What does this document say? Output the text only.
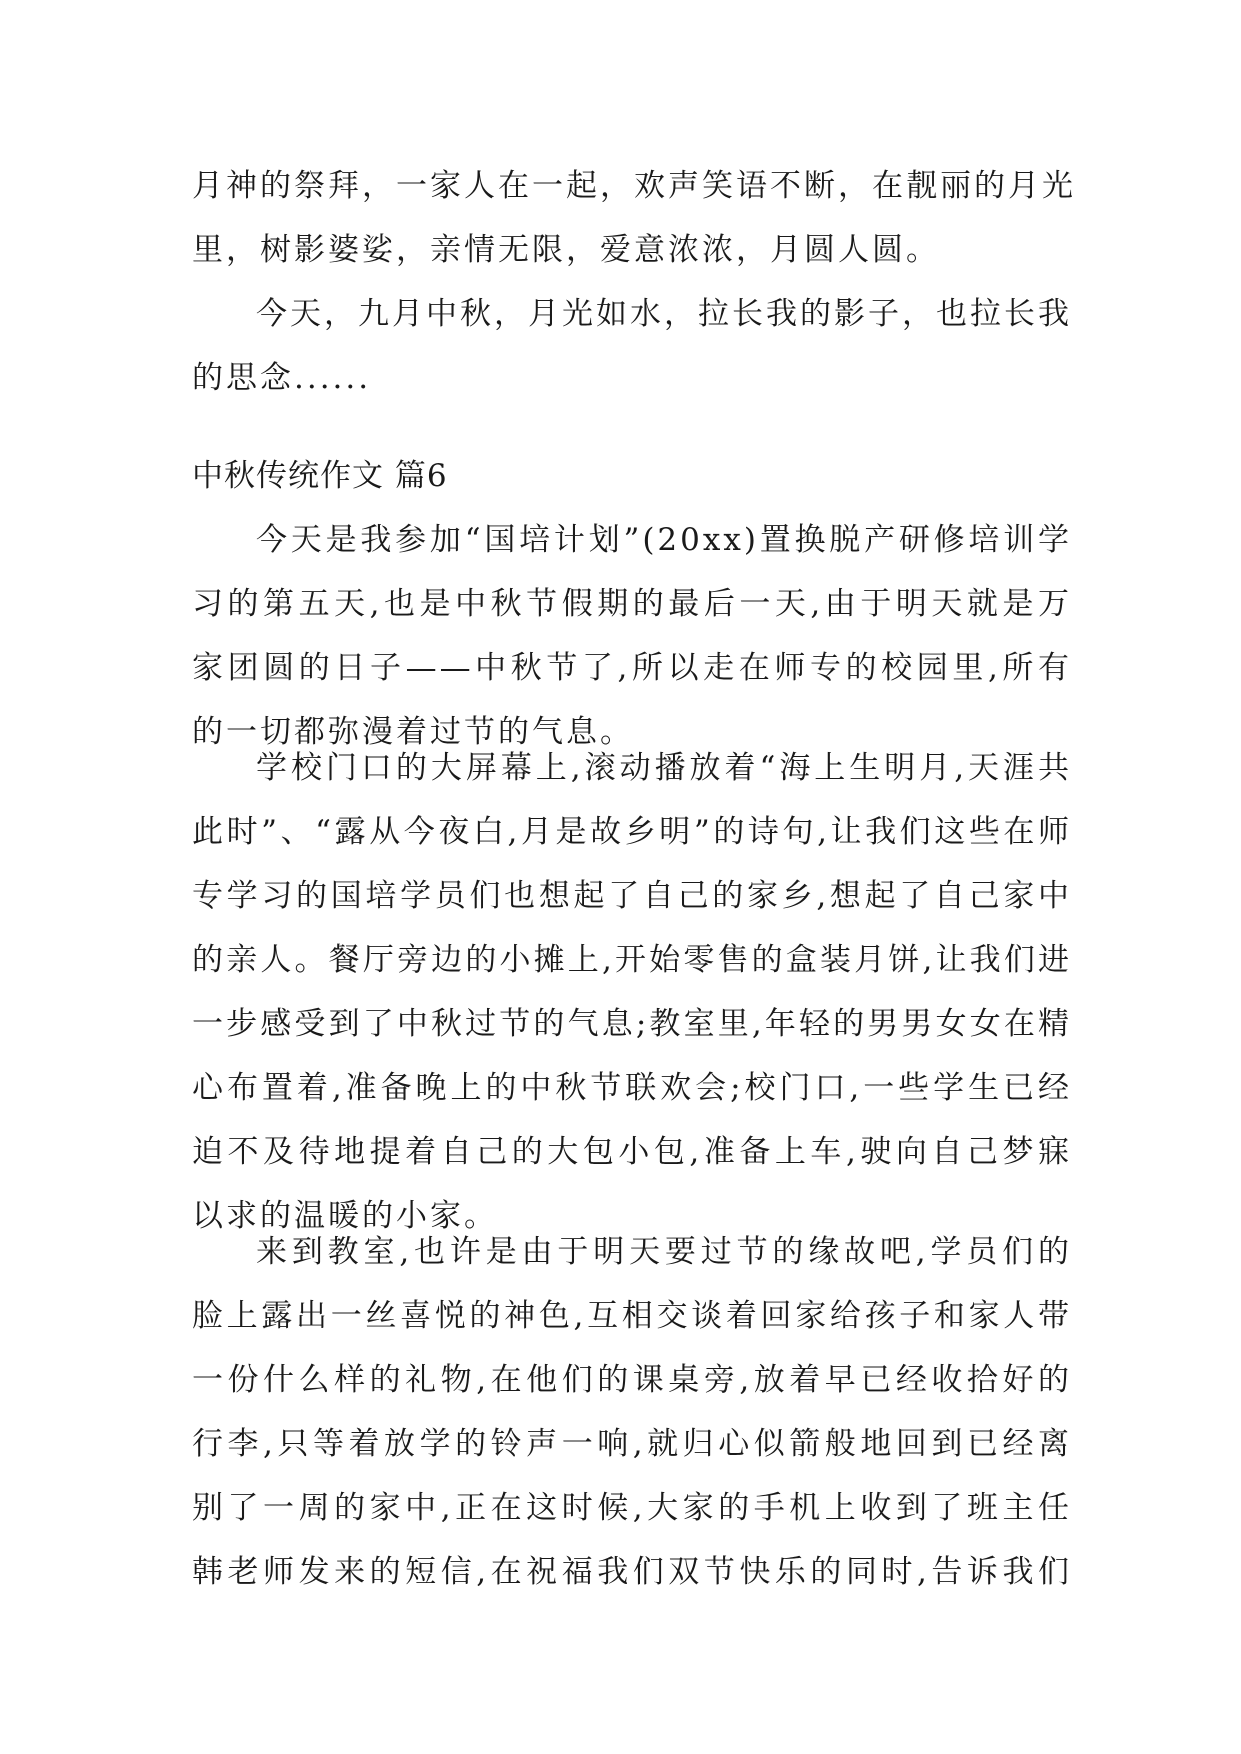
月神的祭拜，一家人在一起，欢声笑语不断，在靓丽的月光
里，树影婆娑，亲情无限，爱意浓浓，月圆人圆。
今天，九月中秋，月光如水，拉长我的影子，也拉长我
的思念......
中秋传统作文 篇6
今天是我参加“国培计划”(20xx)置换脱产研修培训学
习的第五天,也是中秋节假期的最后一天,由于明天就是万
家团圆的日子——中秋节了,所以走在师专的校园里,所有
的一切都弥漫着过节的气息。
学校门口的大屏幕上,滚动播放着“海上生明月,天涯共
此时”、“露从今夜白,月是故乡明”的诗句,让我们这些在师
专学习的国培学员们也想起了自己的家乡,想起了自己家中
的亲人。餐厅旁边的小摊上,开始零售的盒装月饼,让我们进
一步感受到了中秋过节的气息;教室里,年轻的男男女女在精
心布置着,准备晚上的中秋节联欢会;校门口,一些学生已经
迫不及待地提着自己的大包小包,准备上车,驶向自己梦寐
以求的温暖的小家。
来到教室,也许是由于明天要过节的缘故吧,学员们的
脸上露出一丝喜悦的神色,互相交谈着回家给孩子和家人带
一份什么样的礼物,在他们的课桌旁,放着早已经收拾好的
行李,只等着放学的铃声一响,就归心似箭般地回到已经离
别了一周的家中,正在这时候,大家的手机上收到了班主任
韩老师发来的短信,在祝福我们双节快乐的同时,告诉我们
